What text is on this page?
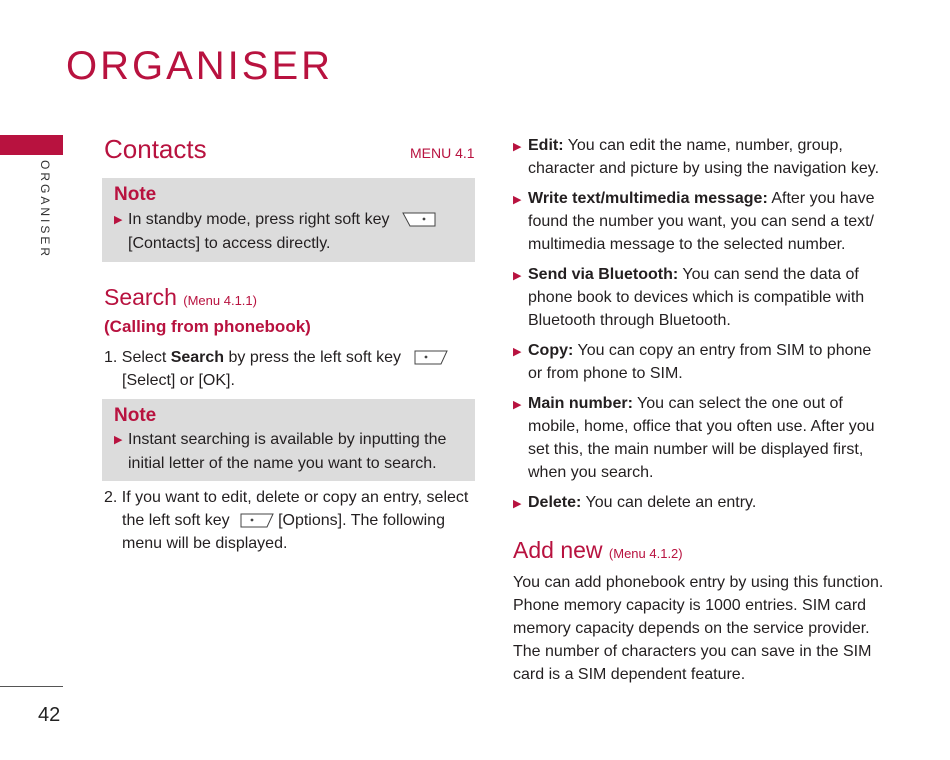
ORGANISER
ORGANISER
42
Contacts	MENU 4.1
Note
▶ In standby mode, press right soft key
[Contacts] to access directly.
Search (Menu 4.1.1)
(Calling from phonebook)
1. Select Search by press the left soft key
[Select] or [OK].
Note
▶ Instant searching is available by inputting the
initial letter of the name you want to search.
2. If you want to edit, delete or copy an entry, select
the left soft key	[Options]. The following
menu will be displayed.
▶ Edit: You can edit the name, number, group,
character and picture by using the navigation key.
▶ Write text/multimedia message: After you have
found the number you want, you can send a text/
multimedia message to the selected number.
▶ Send via Bluetooth: You can send the data of
phone book to devices which is compatible with
Bluetooth through Bluetooth.
▶ Copy: You can copy an entry from SIM to phone
or from phone to SIM.
▶ Main number: You can select the one out of
mobile, home, office that you often use. After you
set this, the main number will be displayed first,
when you search.
▶ Delete: You can delete an entry.
Add new (Menu 4.1.2)
You can add phonebook entry by using this function.
Phone memory capacity is 1000 entries. SIM card
memory capacity depends on the service provider.
The number of characters you can save in the SIM
card is a SIM dependent feature.
